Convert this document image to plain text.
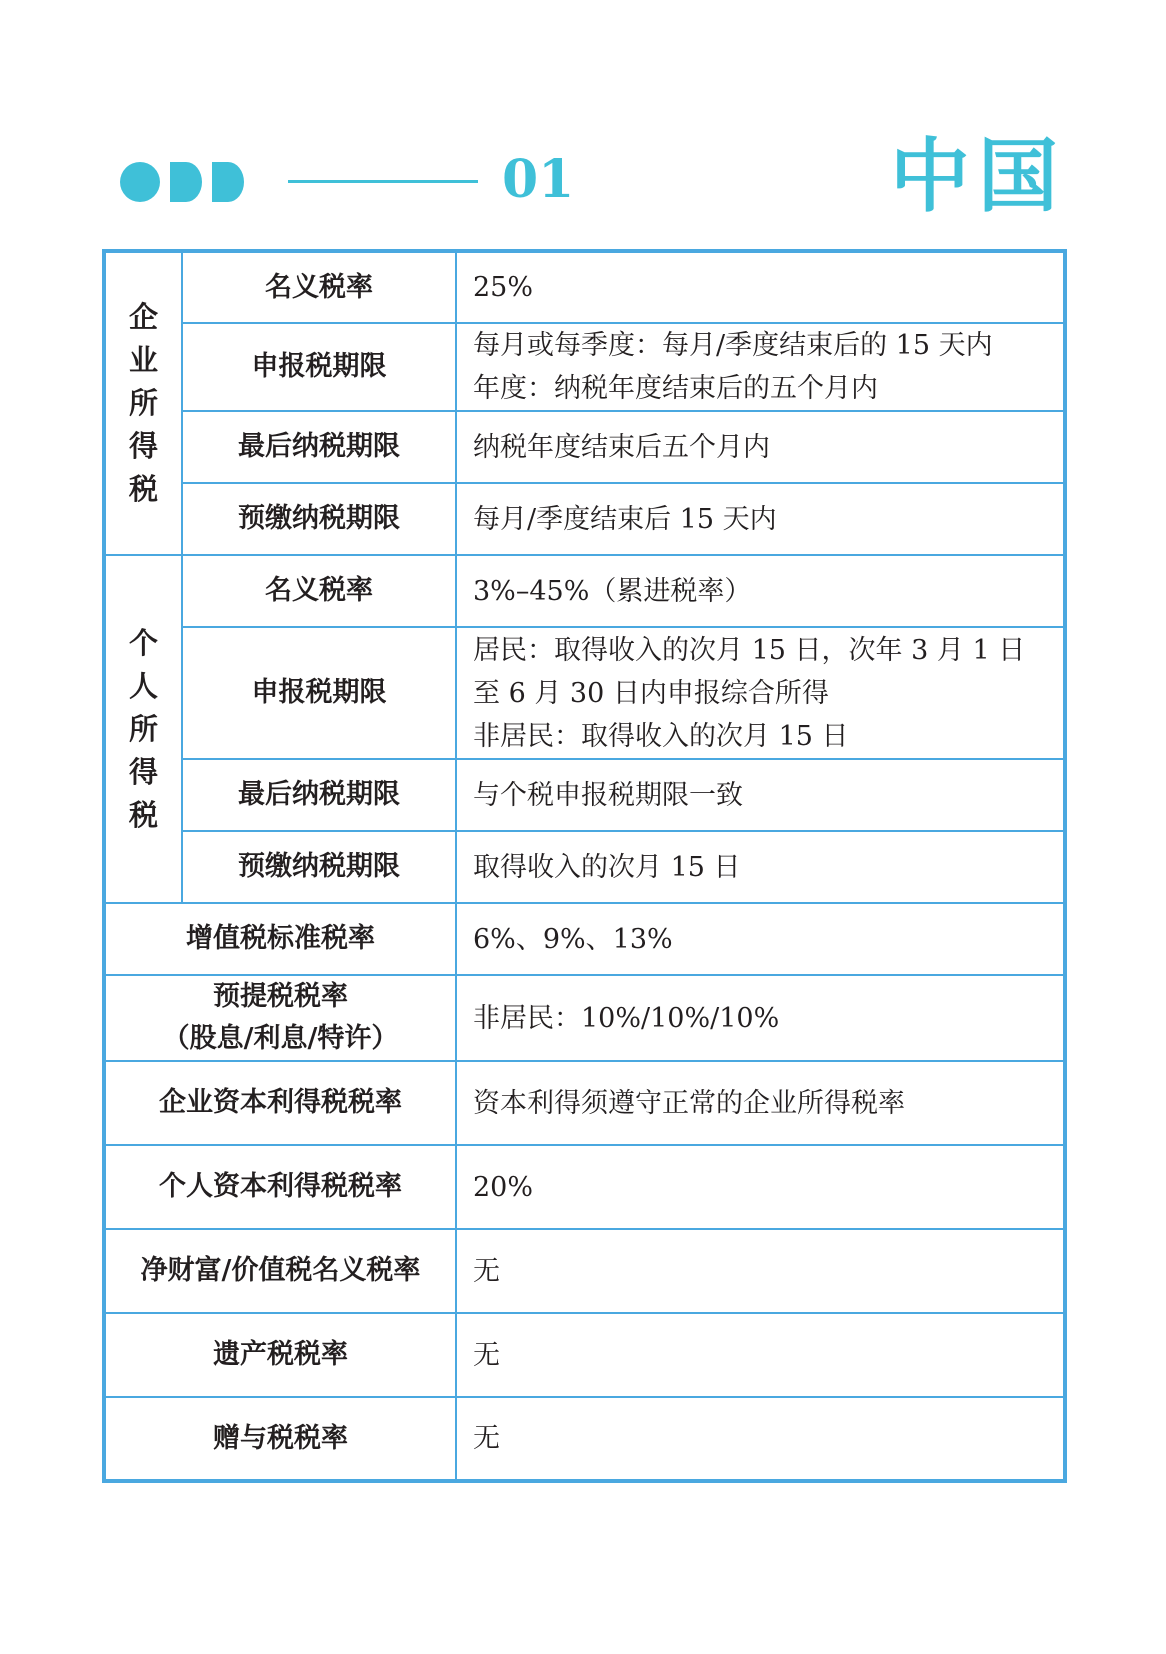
01	中国
企
业
所
得
税	名义税率	25%

	申报税期限	每月或每季度：每月/季度结束后的 15 天内
年度：纳税年度结束后的五个月内

	最后纳税期限	纳税年度结束后五个月内

	预缴纳税期限	每月/季度结束后 15 天内

个
人
所
得
税	名义税率	3%–45%（累进税率）

	申报税期限	居民：取得收入的次月 15 日，次年 3 月 1 日
至 6 月 30 日内申报综合所得
非居民：取得收入的次月 15 日

	最后纳税期限	与个税申报税期限一致

	预缴纳税期限	取得收入的次月 15 日

增值税标准税率		6%、9%、13%

预提税税率
（股息/利息/特许）		非居民：10%/10%/10%

企业资本利得税税率		资本利得须遵守正常的企业所得税率

个人资本利得税税率		20%

净财富/价值税名义税率		无

遗产税税率		无

赠与税税率		无
